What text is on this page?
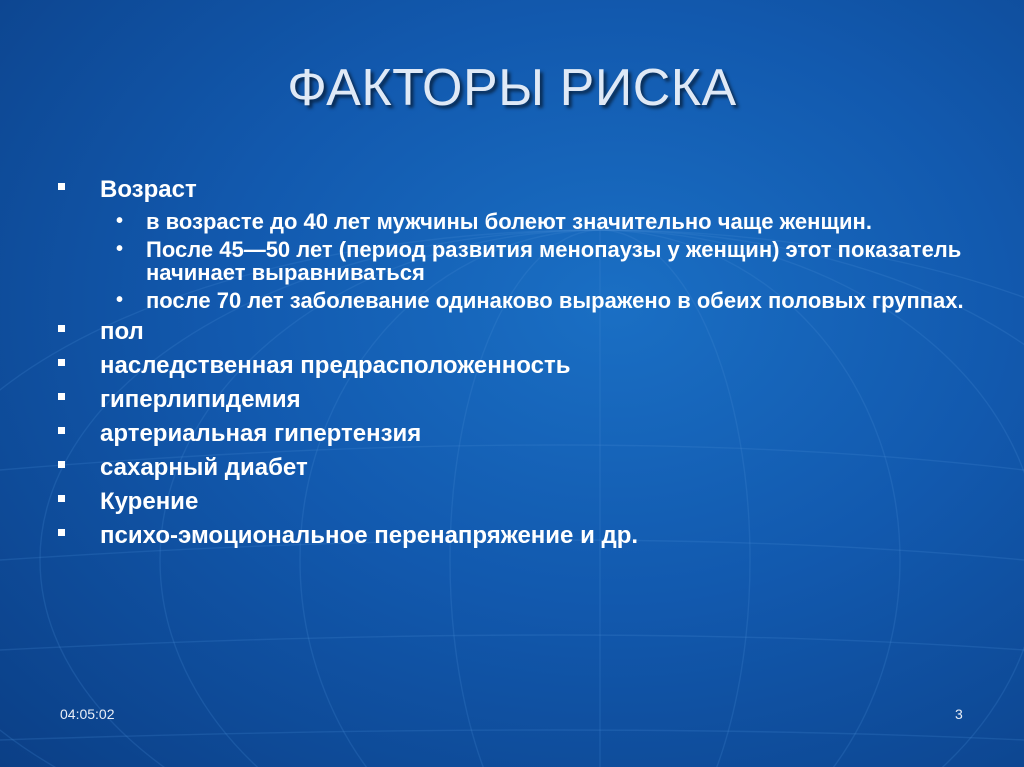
ФАКТОРЫ РИСКА
Возраст
• в возрасте до 40 лет мужчины болеют значительно чаще женщин.
• После 45—50 лет (период развития менопаузы у женщин) этот показатель начинает выравниваться
• после 70 лет заболевание одинаково выражено в обеих половых группах.
пол
наследственная предрасположенность
гиперлипидемия
артериальная гипертензия
сахарный диабет
Курение
психо-эмоциональное перенапряжение и др.
04:05:02	3
